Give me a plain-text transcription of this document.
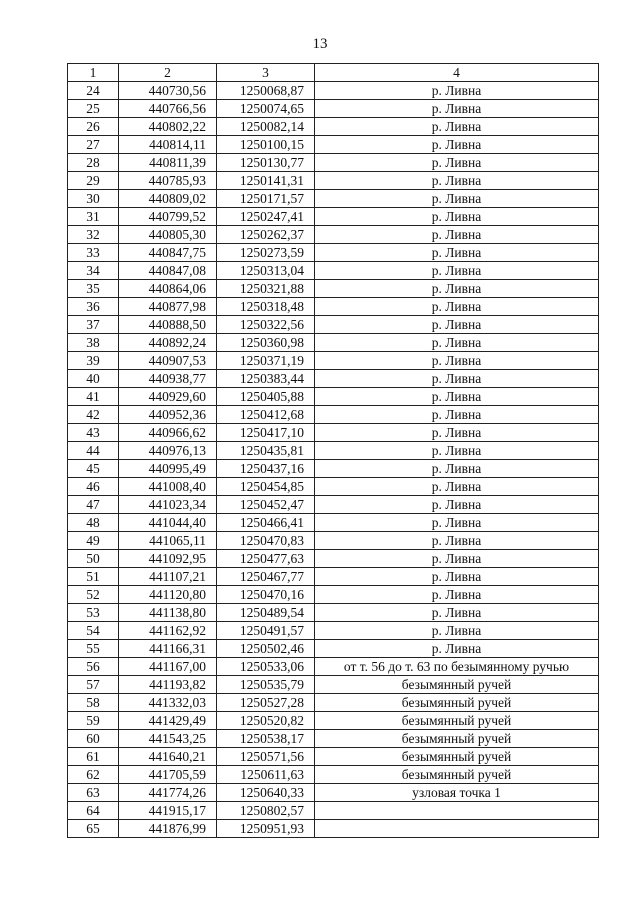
13
1	2	3	4
24	440730,56	1250068,87	р. Ливна
25	440766,56	1250074,65	р. Ливна
26	440802,22	1250082,14	р. Ливна
27	440814,11	1250100,15	р. Ливна
28	440811,39	1250130,77	р. Ливна
29	440785,93	1250141,31	р. Ливна
30	440809,02	1250171,57	р. Ливна
31	440799,52	1250247,41	р. Ливна
32	440805,30	1250262,37	р. Ливна
33	440847,75	1250273,59	р. Ливна
34	440847,08	1250313,04	р. Ливна
35	440864,06	1250321,88	р. Ливна
36	440877,98	1250318,48	р. Ливна
37	440888,50	1250322,56	р. Ливна
38	440892,24	1250360,98	р. Ливна
39	440907,53	1250371,19	р. Ливна
40	440938,77	1250383,44	р. Ливна
41	440929,60	1250405,88	р. Ливна
42	440952,36	1250412,68	р. Ливна
43	440966,62	1250417,10	р. Ливна
44	440976,13	1250435,81	р. Ливна
45	440995,49	1250437,16	р. Ливна
46	441008,40	1250454,85	р. Ливна
47	441023,34	1250452,47	р. Ливна
48	441044,40	1250466,41	р. Ливна
49	441065,11	1250470,83	р. Ливна
50	441092,95	1250477,63	р. Ливна
51	441107,21	1250467,77	р. Ливна
52	441120,80	1250470,16	р. Ливна
53	441138,80	1250489,54	р. Ливна
54	441162,92	1250491,57	р. Ливна
55	441166,31	1250502,46	р. Ливна
56	441167,00	1250533,06	от т. 56 до т. 63 по безымянному ручью
57	441193,82	1250535,79	безымянный ручей
58	441332,03	1250527,28	безымянный ручей
59	441429,49	1250520,82	безымянный ручей
60	441543,25	1250538,17	безымянный ручей
61	441640,21	1250571,56	безымянный ручей
62	441705,59	1250611,63	безымянный ручей
63	441774,26	1250640,33	узловая точка 1
64	441915,17	1250802,57	
65	441876,99	1250951,93	
